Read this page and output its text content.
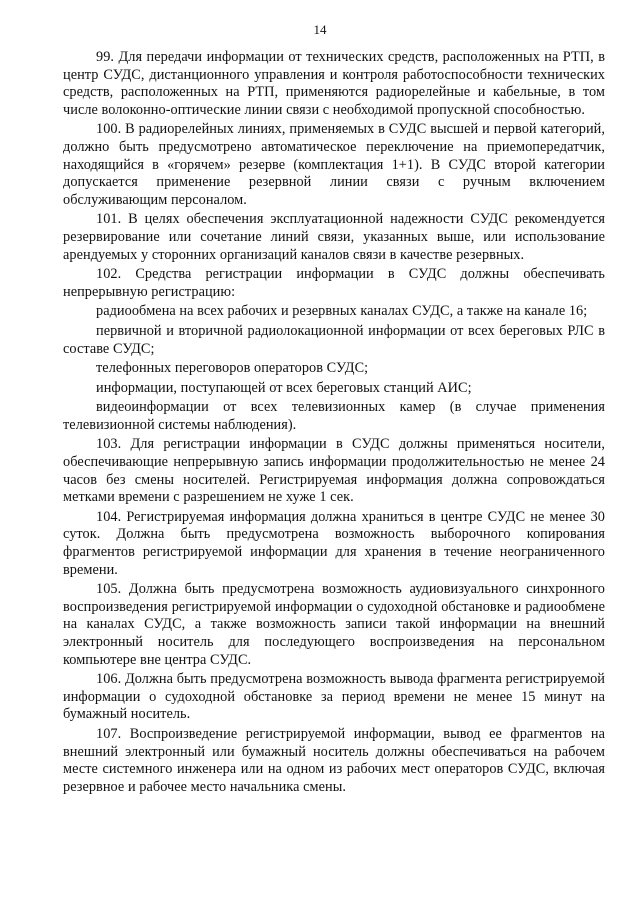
14

99. Для передачи информации от технических средств, расположенных на РТП, в центр СУДС, дистанционного управления и контроля работоспособности технических средств, расположенных на РТП, применяются радиорелейные и кабельные, в том числе волоконно-оптические линии связи с необходимой пропускной способностью.

100. В радиорелейных линиях, применяемых в СУДС высшей и первой категорий, должно быть предусмотрено автоматическое переключение на приемопередатчик, находящийся в «горячем» резерве (комплектация 1+1). В СУДС второй категории допускается применение резервной линии связи с ручным включением обслуживающим персоналом.

101. В целях обеспечения эксплуатационной надежности СУДС рекомендуется резервирование или сочетание линий связи, указанных выше, или использование арендуемых у сторонних организаций каналов связи в качестве резервных.

102. Средства регистрации информации в СУДС должны обеспечивать непрерывную регистрацию:

радиообмена на всех рабочих и резервных каналах СУДС, а также на канале 16;

первичной и вторичной радиолокационной информации от всех береговых РЛС в составе СУДС;

телефонных переговоров операторов СУДС;

информации, поступающей от всех береговых станций АИС;

видеоинформации от всех телевизионных камер (в случае применения телевизионной системы наблюдения).

103. Для регистрации информации в СУДС должны применяться носители, обеспечивающие непрерывную запись информации продолжительностью не менее 24 часов без смены носителей. Регистрируемая информация должна сопровождаться метками времени с разрешением не хуже 1 сек.

104. Регистрируемая информация должна храниться в центре СУДС не менее 30 суток. Должна быть предусмотрена возможность выборочного копирования фрагментов регистрируемой информации для хранения в течение неограниченного времени.

105. Должна быть предусмотрена возможность аудиовизуального синхронного воспроизведения регистрируемой информации о судоходной обстановке и радиообмене на каналах СУДС, а также возможность записи такой информации на внешний электронный носитель для последующего воспроизведения на персональном компьютере вне центра СУДС.

106. Должна быть предусмотрена возможность вывода фрагмента регистрируемой информации о судоходной обстановке за период времени не менее 15 минут на бумажный носитель.

107. Воспроизведение регистрируемой информации, вывод ее фрагментов на внешний электронный или бумажный носитель должны обеспечиваться на рабочем месте системного инженера или на одном из рабочих мест операторов СУДС, включая резервное и рабочее место начальника смены.
